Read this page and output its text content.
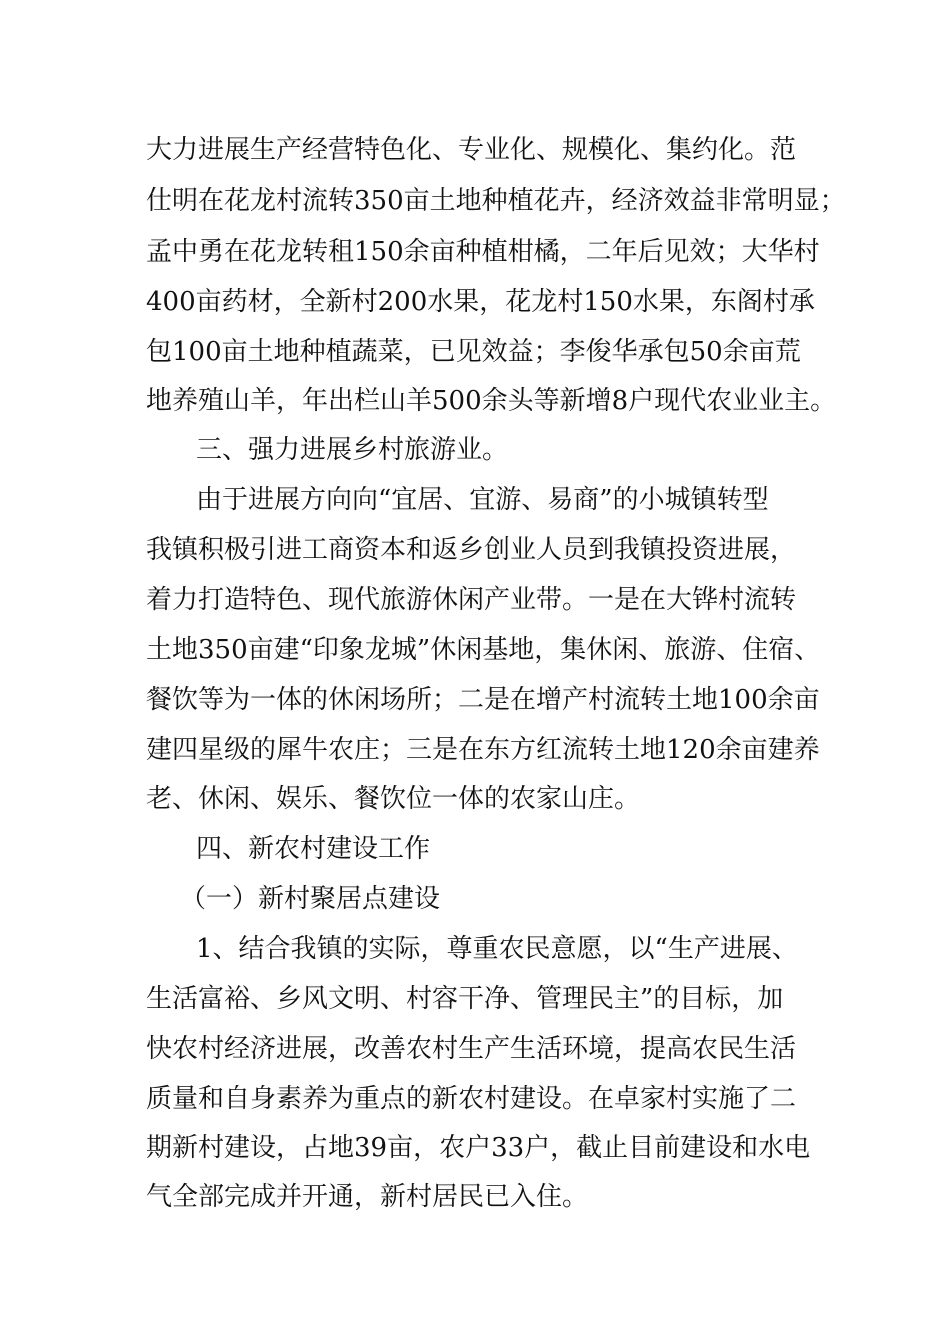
大力进展生产经营特色化、专业化、规模化、集约化。范
仕明在花龙村流转350亩土地种植花卉，经济效益非常明显；
孟中勇在花龙转租150余亩种植柑橘，二年后见效；大华村
400亩药材，全新村200水果，花龙村150水果，东阁村承
包100亩土地种植蔬菜，已见效益；李俊华承包50余亩荒
地养殖山羊，年出栏山羊500余头等新增8户现代农业业主。
三、强力进展乡村旅游业。
由于进展方向向“宜居、宜游、易商”的小城镇转型
我镇积极引进工商资本和返乡创业人员到我镇投资进展，
着力打造特色、现代旅游休闲产业带。一是在大铧村流转
土地350亩建“印象龙城”休闲基地，集休闲、旅游、住宿、
餐饮等为一体的休闲场所；二是在增产村流转土地100余亩
建四星级的犀牛农庄；三是在东方红流转土地120余亩建养
老、休闲、娱乐、餐饮位一体的农家山庄。
四、新农村建设工作
（一）新村聚居点建设
1、结合我镇的实际，尊重农民意愿，以“生产进展、
生活富裕、乡风文明、村容干净、管理民主”的目标，加
快农村经济进展，改善农村生产生活环境，提高农民生活
质量和自身素养为重点的新农村建设。在卓家村实施了二
期新村建设，占地39亩，农户33户，截止目前建设和水电
气全部完成并开通，新村居民已入住。
